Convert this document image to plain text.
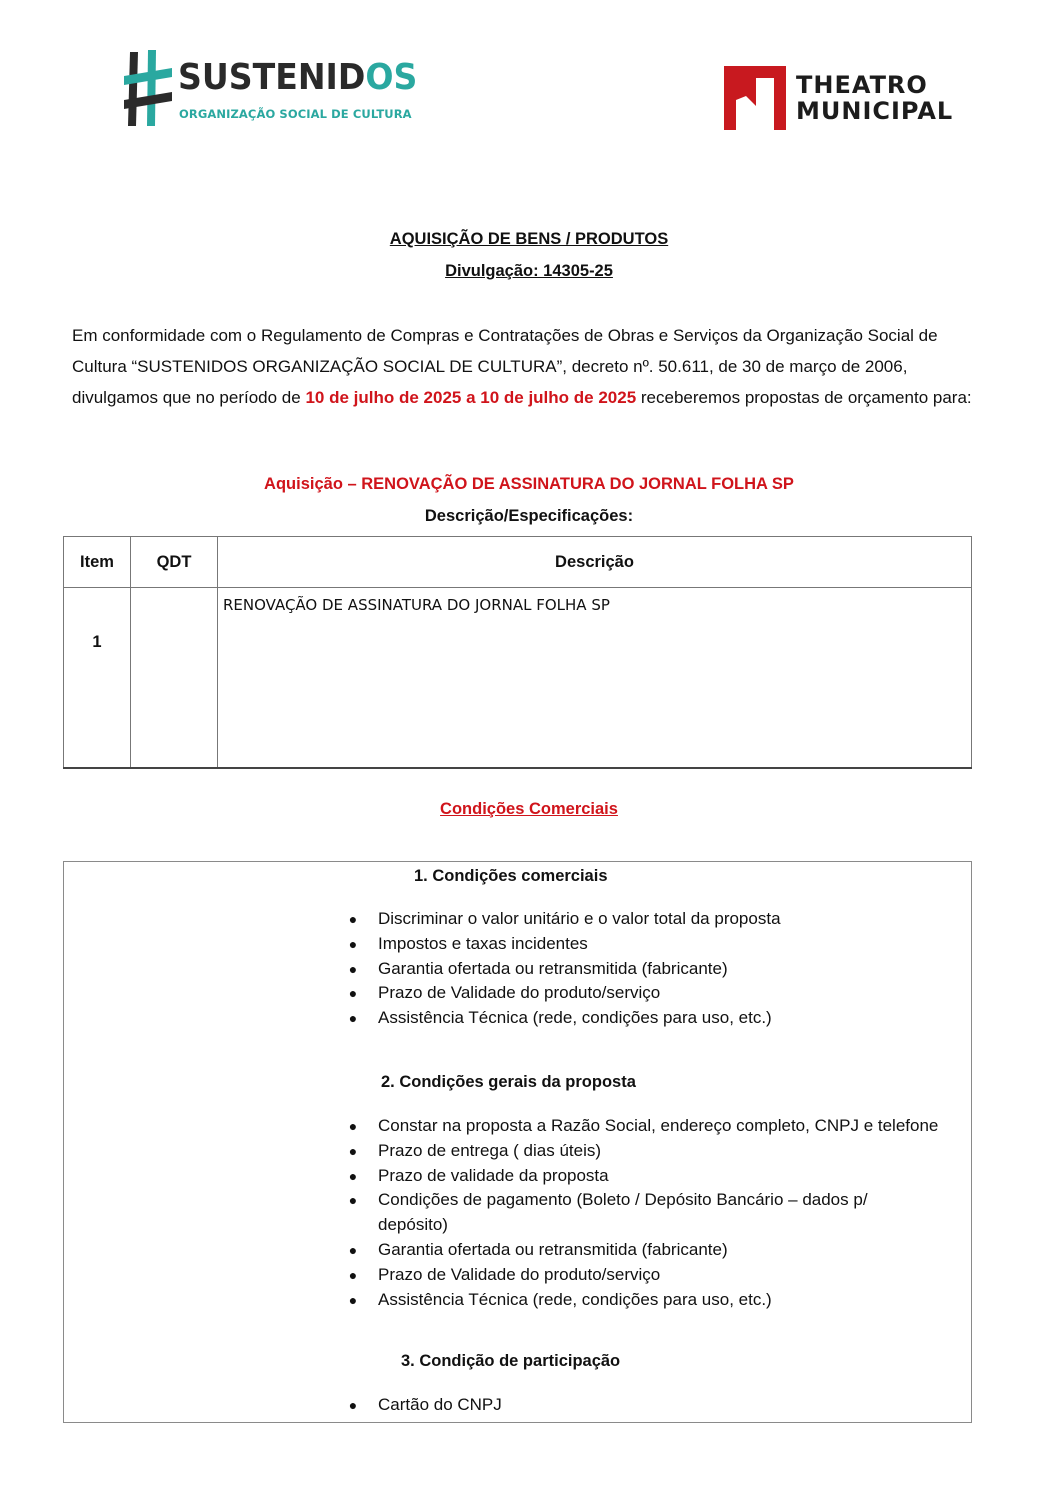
SUSTENIDOS
ORGANIZAÇÃO SOCIAL DE CULTURA
THEATRO
MUNICIPAL
AQUISIÇÃO DE BENS / PRODUTOS
Divulgação: 14305-25
Em conformidade com o Regulamento de Compras e Contratações de Obras e Serviços da Organização Social de Cultura “SUSTENIDOS ORGANIZAÇÃO SOCIAL DE CULTURA”, decreto nº. 50.611, de 30 de março de 2006, divulgamos que no período de 10 de julho de 2025 a 10 de julho de 2025 receberemos propostas de orçamento para:
Aquisição – RENOVAÇÃO DE ASSINATURA DO JORNAL FOLHA SP
Descrição/Especificações:
Item	QDT	Descrição
1		RENOVAÇÃO DE ASSINATURA DO JORNAL FOLHA SP
Condições Comerciais
1. Condições comerciais
● Discriminar o valor unitário e o valor total da proposta
● Impostos e taxas incidentes
● Garantia ofertada ou retransmitida (fabricante)
● Prazo de Validade do produto/serviço
● Assistência Técnica (rede, condições para uso, etc.)
2. Condições gerais da proposta
● Constar na proposta a Razão Social, endereço completo, CNPJ e telefone
● Prazo de entrega ( dias úteis)
● Prazo de validade da proposta
● Condições de pagamento (Boleto / Depósito Bancário – dados p/ depósito)
● Garantia ofertada ou retransmitida (fabricante)
● Prazo de Validade do produto/serviço
● Assistência Técnica (rede, condições para uso, etc.)
3. Condição de participação
● Cartão do CNPJ
